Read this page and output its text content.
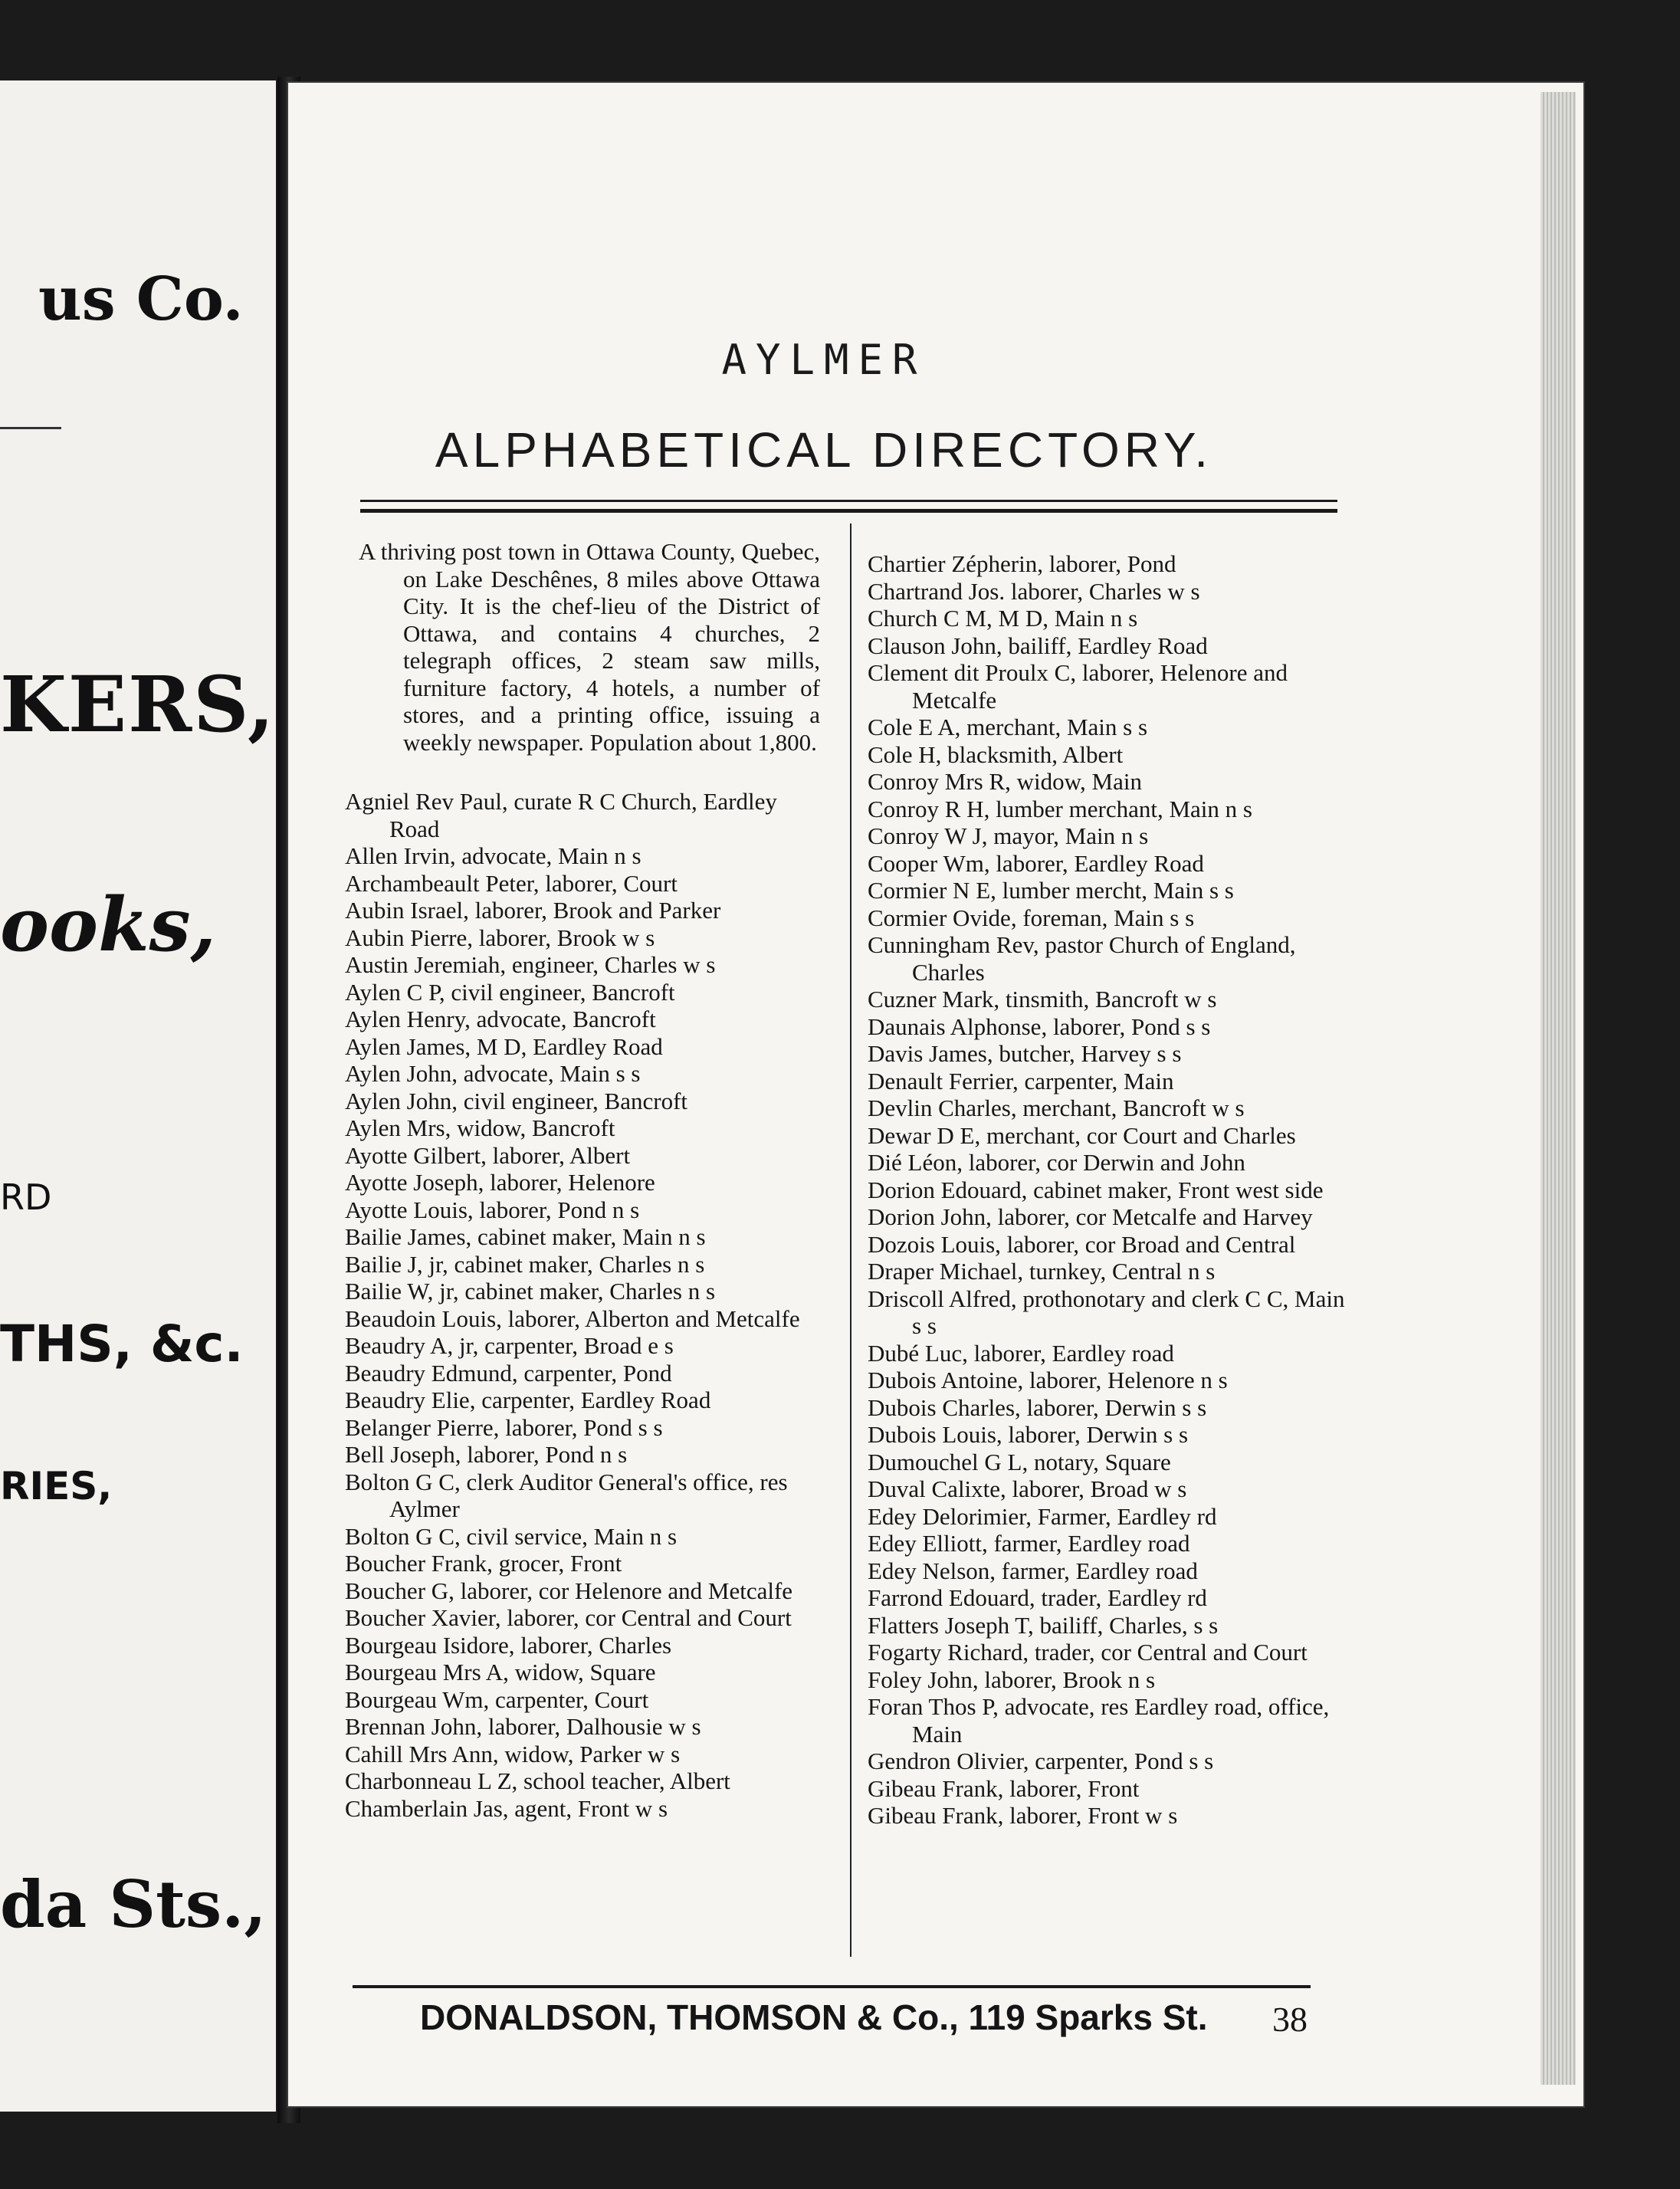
us Co.
KERS,
ooks,
RD
THS, &c.
RIES,
da Sts.,
AYLMER
ALPHABETICAL DIRECTORY.

A thriving post town in Ottawa County, Quebec, on Lake Deschênes, 8 miles above Ottawa City. It is the chef-lieu of the District of Ottawa, and contains 4 churches, 2 telegraph offices, 2 steam saw mills, furniture factory, 4 hotels, a number of stores, and a printing office, issuing a weekly newspaper. Population about 1,800.

Agniel Rev Paul, curate R C Church, Eardley Road

Allen Irvin, advocate, Main n s

Archambeault Peter, laborer, Court

Aubin Israel, laborer, Brook and Parker

Aubin Pierre, laborer, Brook w s

Austin Jeremiah, engineer, Charles w s

Aylen C P, civil engineer, Bancroft

Aylen Henry, advocate, Bancroft

Aylen James, M D, Eardley Road

Aylen John, advocate, Main s s

Aylen John, civil engineer, Bancroft

Aylen Mrs, widow, Bancroft

Ayotte Gilbert, laborer, Albert

Ayotte Joseph, laborer, Helenore

Ayotte Louis, laborer, Pond n s

Bailie James, cabinet maker, Main n s

Bailie J, jr, cabinet maker, Charles n s

Bailie W, jr, cabinet maker, Charles n s

Beaudoin Louis, laborer, Alberton and Metcalfe

Beaudry A, jr, carpenter, Broad e s

Beaudry Edmund, carpenter, Pond

Beaudry Elie, carpenter, Eardley Road

Belanger Pierre, laborer, Pond s s

Bell Joseph, laborer, Pond n s

Bolton G C, clerk Auditor General's office, res Aylmer

Bolton G C, civil service, Main n s

Boucher Frank, grocer, Front

Boucher G, laborer, cor Helenore and Metcalfe

Boucher Xavier, laborer, cor Central and Court

Bourgeau Isidore, laborer, Charles

Bourgeau Mrs A, widow, Square

Bourgeau Wm, carpenter, Court

Brennan John, laborer, Dalhousie w s

Cahill Mrs Ann, widow, Parker w s

Charbonneau L Z, school teacher, Albert

Chamberlain Jas, agent, Front w s

Chartier Zépherin, laborer, Pond

Chartrand Jos. laborer, Charles w s

Church C M, M D, Main n s

Clauson John, bailiff, Eardley Road

Clement dit Proulx C, laborer, Helenore and Metcalfe

Cole E A, merchant, Main s s

Cole H, blacksmith, Albert

Conroy Mrs R, widow, Main

Conroy R H, lumber merchant, Main n s

Conroy W J, mayor, Main n s

Cooper Wm, laborer, Eardley Road

Cormier N E, lumber mercht, Main s s

Cormier Ovide, foreman, Main s s

Cunningham Rev, pastor Church of England, Charles

Cuzner Mark, tinsmith, Bancroft w s

Daunais Alphonse, laborer, Pond s s

Davis James, butcher, Harvey s s

Denault Ferrier, carpenter, Main

Devlin Charles, merchant, Bancroft w s

Dewar D E, merchant, cor Court and Charles

Dié Léon, laborer, cor Derwin and John

Dorion Edouard, cabinet maker, Front west side

Dorion John, laborer, cor Metcalfe and Harvey

Dozois Louis, laborer, cor Broad and Central

Draper Michael, turnkey, Central n s

Driscoll Alfred, prothonotary and clerk C C, Main s s

Dubé Luc, laborer, Eardley road

Dubois Antoine, laborer, Helenore n s

Dubois Charles, laborer, Derwin s s

Dubois Louis, laborer, Derwin s s

Dumouchel G L, notary, Square

Duval Calixte, laborer, Broad w s

Edey Delorimier, Farmer, Eardley rd

Edey Elliott, farmer, Eardley road

Edey Nelson, farmer, Eardley road

Farrond Edouard, trader, Eardley rd

Flatters Joseph T, bailiff, Charles, s s

Fogarty Richard, trader, cor Central and Court

Foley John, laborer, Brook n s

Foran Thos P, advocate, res Eardley road, office, Main

Gendron Olivier, carpenter, Pond s s

Gibeau Frank, laborer, Front

Gibeau Frank, laborer, Front w s

DONALDSON, THOMSON & Co., 119 Sparks St. 38
